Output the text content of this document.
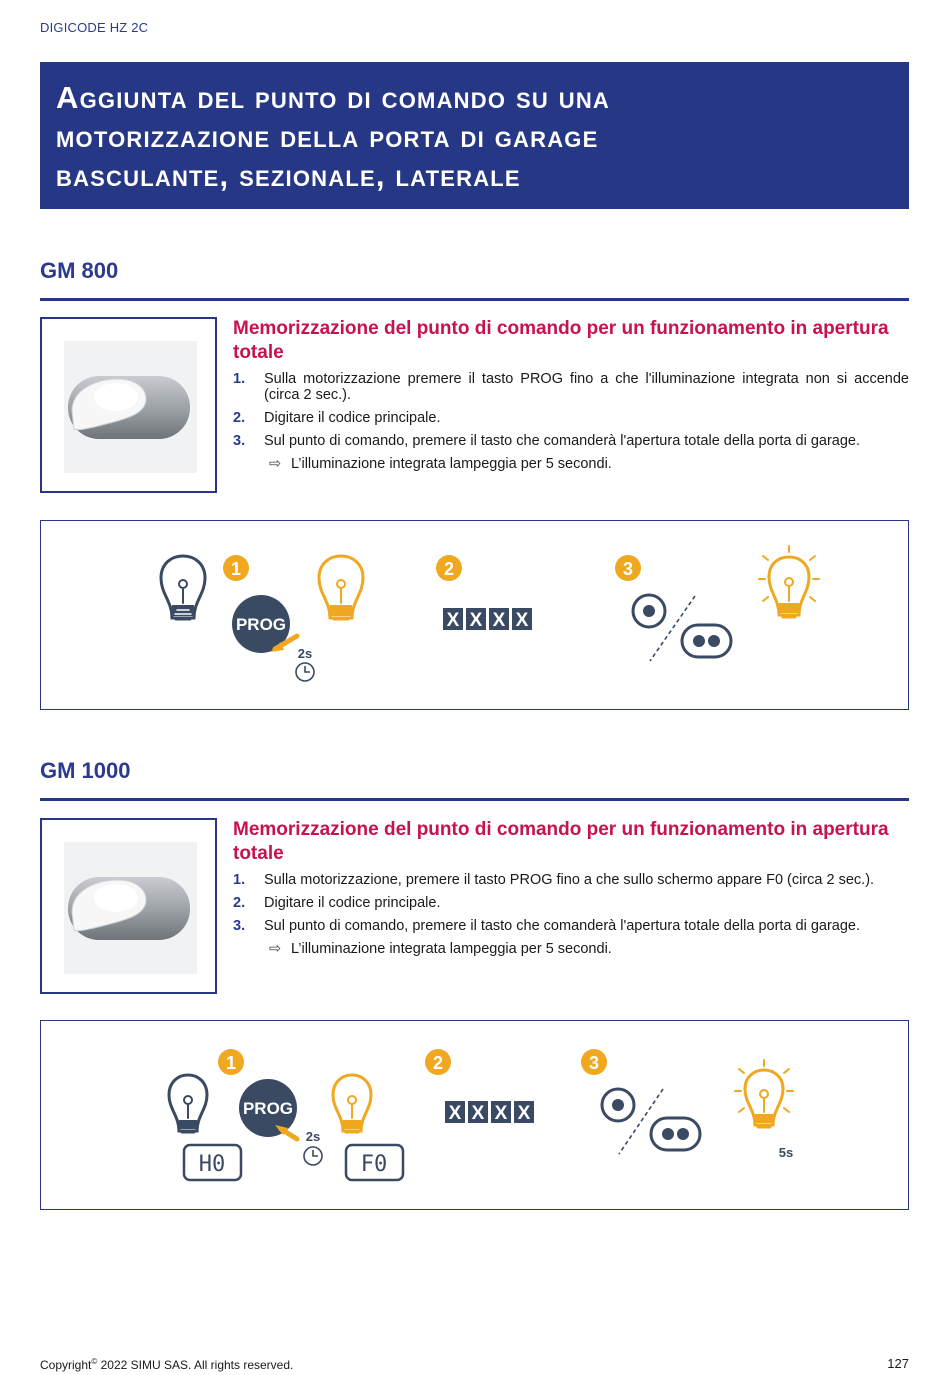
DIGICODE HZ 2C
Aggiunta del punto di comando su una
motorizzazione della porta di garage
basculante, sezionale, laterale
GM 800
Memorizzazione del punto di comando per un funzionamento in apertura totale
1.	Sulla motorizzazione premere il tasto PROG fino a che l'illuminazione integrata non si accende (circa 2 sec.).
2.	Digitare il codice principale.
3.	Sul punto di comando, premere il tasto che comanderà l'apertura totale della porta di garage.
⇨ L’illuminazione integrata lampeggia per 5 secondi.
1
PROG
2s
2
X X X X
3
GM 1000
Memorizzazione del punto di comando per un funzionamento in apertura totale
1.	Sulla motorizzazione, premere il tasto PROG fino a che sullo schermo appare F0 (circa 2 sec.).
2.	Digitare il codice principale.
3.	Sul punto di comando, premere il tasto che comanderà l'apertura totale della porta di garage.
⇨ L’illuminazione integrata lampeggia per 5 secondi.
1
H0
PROG
2s
F0
2
X X X X
3
5s
Copyright© 2022 SIMU SAS. All rights reserved.	127
